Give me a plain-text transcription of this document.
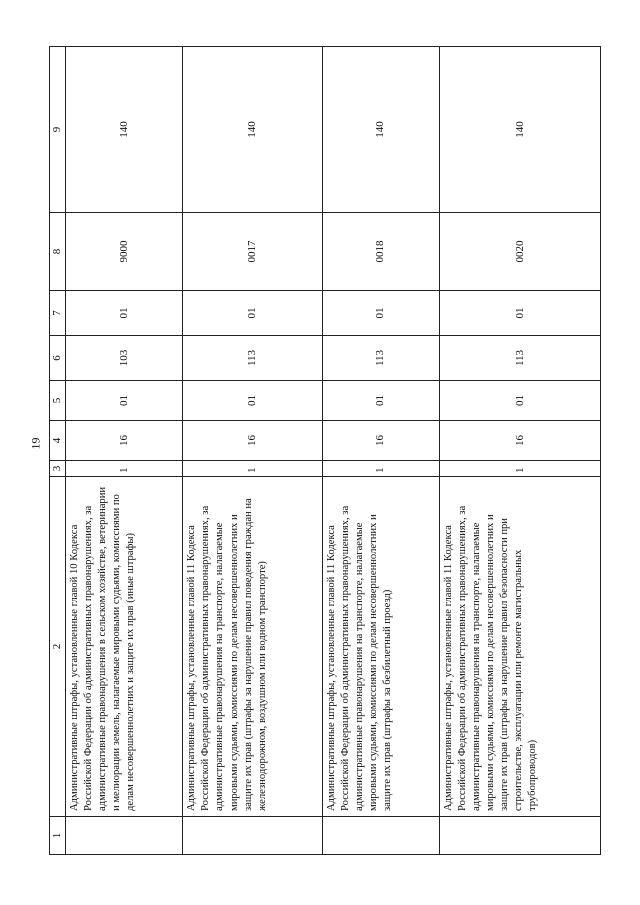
19
1	2	3	4	5	6	7	8	9
	Административные штрафы, установленные главой 10 Кодекса Российской Федерации об административных правонарушениях, за административные правонарушения в сельском хозяйстве, ветеринарии и мелиорации земель, налагаемые мировыми судьями, комиссиями по делам несовершеннолетних и защите их прав (иные штрафы)	1	16	01	103	01	9000	140
	Административные штрафы, установленные главой 11 Кодекса Российской Федерации об административных правонарушениях, за административные правонарушения на транспорте, налагаемые мировыми судьями, комиссиями по делам несовершеннолетних и защите их прав (штрафы за нарушение правил поведения граждан на железнодорожном, воздушном или водном транспорте)	1	16	01	113	01	0017	140
	Административные штрафы, установленные главой 11 Кодекса Российской Федерации об административных правонарушениях, за административные правонарушения на транспорте, налагаемые мировыми судьями, комиссиями по делам несовершеннолетних и защите их прав (штрафы за безбилетный проезд)	1	16	01	113	01	0018	140
	Административные штрафы, установленные главой 11 Кодекса Российской Федерации об административных правонарушениях, за административные правонарушения на транспорте, налагаемые мировыми судьями, комиссиями по делам несовершеннолетних и защите их прав (штрафы за нарушение правил безопасности при строительстве, эксплуатации или ремонте магистральных трубопроводов)	1	16	01	113	01	0020	140
